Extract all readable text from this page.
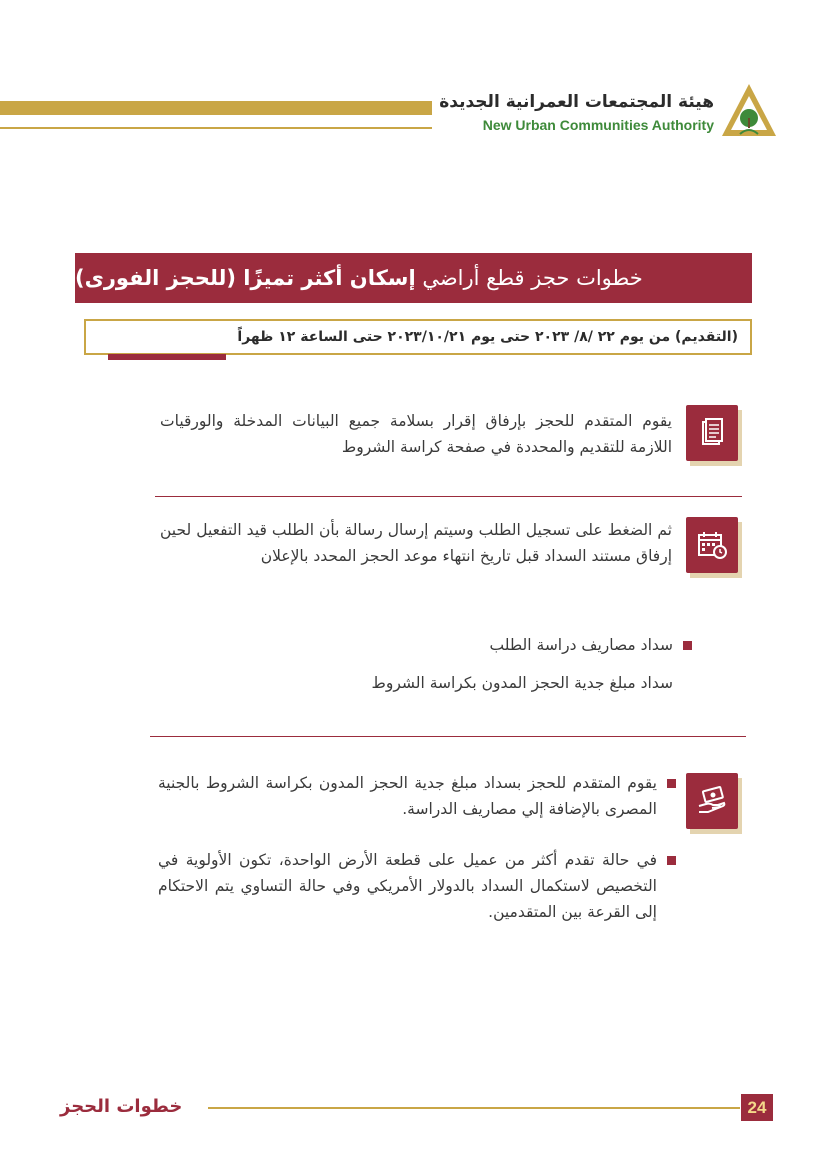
هيئة المجتمعات العمرانية الجديدة
New Urban Communities Authority
خطوات حجز قطع أراضي إسكان أكثر تميزًا (للحجز الفورى)
(التقديم) من يوم ٢٢ /٨/ ٢٠٢٣ حتى يوم ٢٠٢٣/١٠/٢١ حتى الساعة ١٢ ظهراً
يقوم المتقدم للحجز بإرفاق إقرار بسلامة جميع البيانات المدخلة والورقيات اللازمة للتقديم والمحددة في صفحة كراسة الشروط
ثم الضغط على تسجيل الطلب وسيتم إرسال رسالة بأن الطلب قيد التفعيل لحين إرفاق مستند السداد قبل تاريخ انتهاء موعد الحجز المحدد بالإعلان
سداد مصاريف دراسة الطلب
سداد مبلغ جدية الحجز المدون بكراسة الشروط
يقوم المتقدم للحجز بسداد مبلغ جدية الحجز المدون بكراسة الشروط بالجنية المصرى بالإضافة إلي مصاريف الدراسة.
في حالة تقدم أكثر من عميل على قطعة الأرض الواحدة، تكون الأولوية في التخصيص لاستكمال السداد بالدولار الأمريكي وفي حالة التساوي يتم الاحتكام إلى القرعة بين المتقدمين.
24
خطوات الحجز
